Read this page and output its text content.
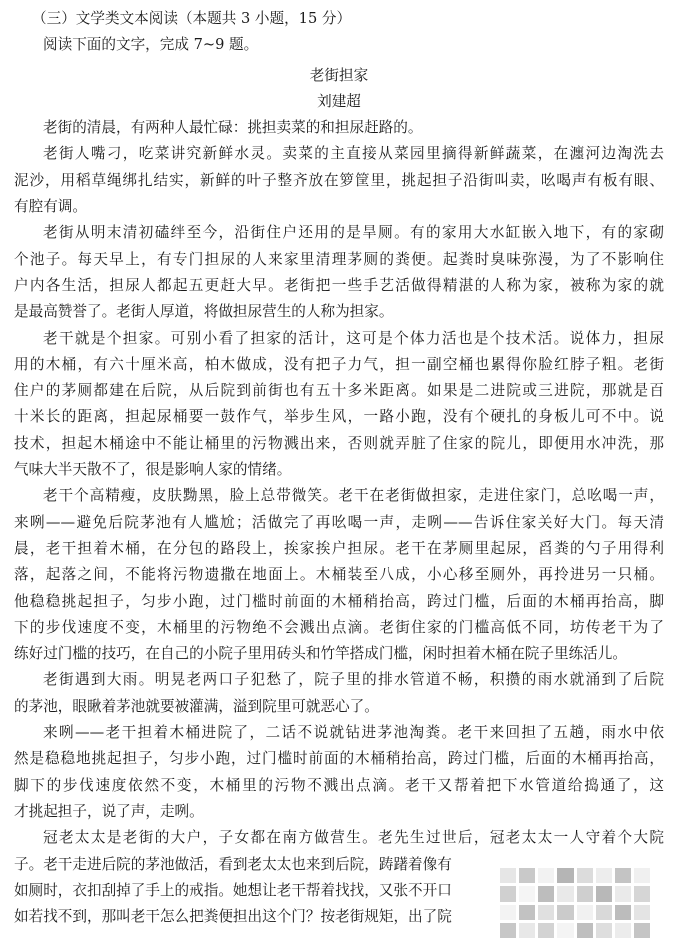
（三）文学类文本阅读（本题共 3 小题，15 分）
阅读下面的文字，完成 7~9 题。
老街担家
刘建超
老街的清晨，有两种人最忙碌：挑担卖菜的和担尿赶路的。
老街人嘴刁，吃菜讲究新鲜水灵。卖菜的主直接从菜园里摘得新鲜蔬菜，在瀍河边淘洗去
泥沙，用稻草绳绑扎结实，新鲜的叶子整齐放在箩筐里，挑起担子沿街叫卖，吆喝声有板有眼、
有腔有调。
老街从明末清初磕绊至今，沿街住户还用的是旱厕。有的家用大水缸嵌入地下，有的家砌
个池子。每天早上，有专门担尿的人来家里清理茅厕的粪便。起粪时臭味弥漫，为了不影响住
户内各生活，担尿人都起五更赶大早。老街把一些手艺活做得精湛的人称为家，被称为家的就
是最高赞誉了。老街人厚道，将做担尿营生的人称为担家。
老干就是个担家。可别小看了担家的活计，这可是个体力活也是个技术活。说体力，担尿
用的木桶，有六十厘米高，柏木做成，没有把子力气，担一副空桶也累得你脸红脖子粗。老街
住户的茅厕都建在后院，从后院到前街也有五十多米距离。如果是二进院或三进院，那就是百
十米长的距离，担起尿桶要一鼓作气，举步生风，一路小跑，没有个硬扎的身板儿可不中。说
技术，担起木桶途中不能让桶里的污物溅出来，否则就弄脏了住家的院儿，即便用水冲洗，那
气味大半天散不了，很是影响人家的情绪。
老干个高精瘦，皮肤黝黑，脸上总带微笑。老干在老街做担家，走进住家门，总吆喝一声，
来咧——避免后院茅池有人尴尬；活做完了再吆喝一声，走咧——告诉住家关好大门。每天清
晨，老干担着木桶，在分包的路段上，挨家挨户担尿。老干在茅厕里起尿，舀粪的勺子用得利
落，起落之间，不能将污物遗撒在地面上。木桶装至八成，小心移至厕外，再拎进另一只桶。
他稳稳挑起担子，匀步小跑，过门槛时前面的木桶稍抬高，跨过门槛，后面的木桶再抬高，脚
下的步伐速度不变，木桶里的污物绝不会溅出点滴。老街住家的门槛高低不同，坊传老干为了
练好过门槛的技巧，在自己的小院子里用砖头和竹竿搭成门槛，闲时担着木桶在院子里练活儿。
老街遇到大雨。明晃老两口子犯愁了，院子里的排水管道不畅，积攒的雨水就涌到了后院
的茅池，眼瞅着茅池就要被灌满，溢到院里可就恶心了。
来咧——老干担着木桶进院了，二话不说就钻进茅池淘粪。老干来回担了五趟，雨水中依
然是稳稳地挑起担子，匀步小跑，过门槛时前面的木桶稍抬高，跨过门槛，后面的木桶再抬高，
脚下的步伐速度依然不变，木桶里的污物不溅出点滴。老干又帮着把下水管道给捣通了，这
才挑起担子，说了声，走咧。
冠老太太是老街的大户，子女都在南方做营生。老先生过世后，冠老太太一人守着个大院
子。老干走进后院的茅池做活，看到老太太也来到后院，踌躇着像有
如厕时，衣扣刮掉了手上的戒指。她想让老干帮着找找，又张不开口
如若找不到，那叫老干怎么把粪便担出这个门？按老街规矩，出了院
